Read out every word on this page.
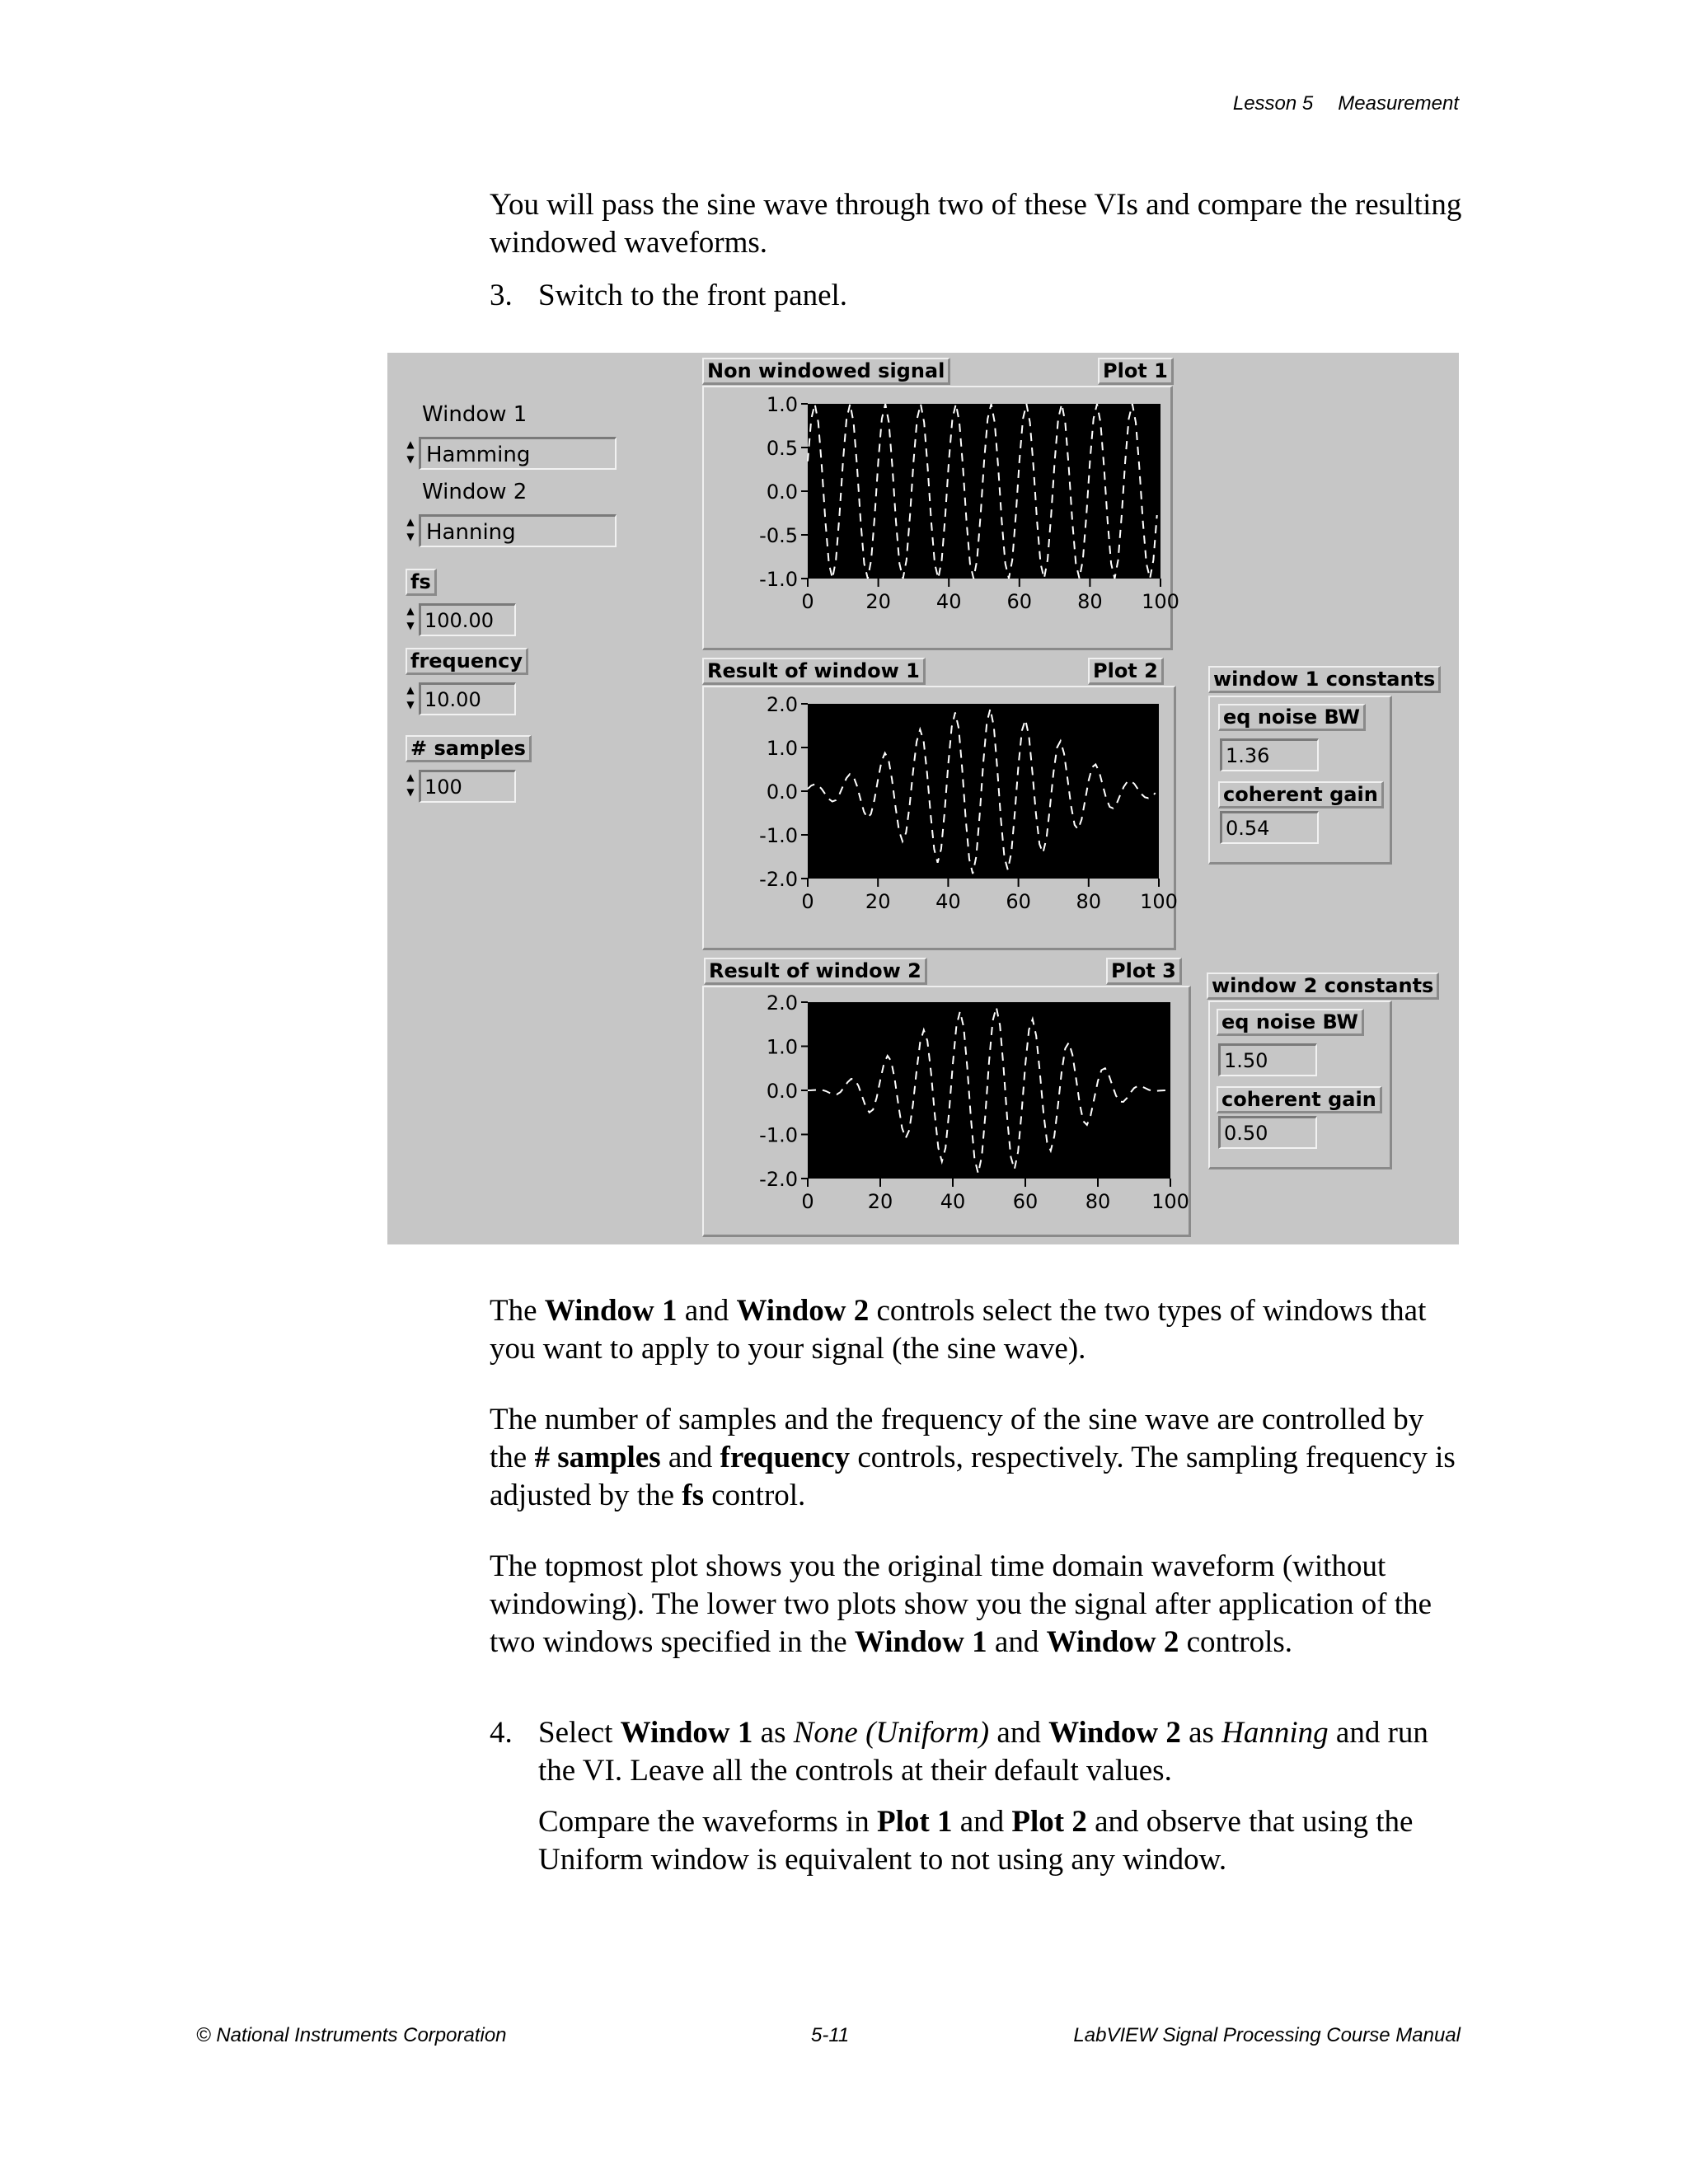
Lesson 5 Measurement
You will pass the sine wave through two of these VIs and compare the resulting windowed waveforms.
3. Switch to the front panel.
Window 1
▲
▼ Hamming
Window 2
▲
▼ Hanning
fs
▲
▼ 100.00
frequency
▲
▼ 10.00
# samples
▲
▼ 100
Non windowed signal	Plot 1
Result of window 1	Plot 2
Result of window 2	Plot 3
1.0
0.5
0.0
-0.5
-1.0
0	20 40 60 80 100
2.0
1.0
0.0
-1.0
-2.0
0	20 40 60 80 100
2.0
1.0
0.0
-1.0
-2.0
0	20 40 60 80 100
window 1 constants
eq noise BW
1.36
coherent gain
0.54
window 2 constants
eq noise BW
1.50
coherent gain
0.50
The Window 1 and Window 2 controls select the two types of windows that you want to apply to your signal (the sine wave).
The number of samples and the frequency of the sine wave are controlled by the # samples and frequency controls, respectively. The sampling frequency is adjusted by the fs control.
The topmost plot shows you the original time domain waveform (without windowing). The lower two plots show you the signal after application of the two windows specified in the Window 1 and Window 2 controls.
4. Select Window 1 as None (Uniform) and Window 2 as Hanning and run the VI. Leave all the controls at their default values.
Compare the waveforms in Plot 1 and Plot 2 and observe that using the Uniform window is equivalent to not using any window.
© National Instruments Corporation	5-11	LabVIEW Signal Processing Course Manual
